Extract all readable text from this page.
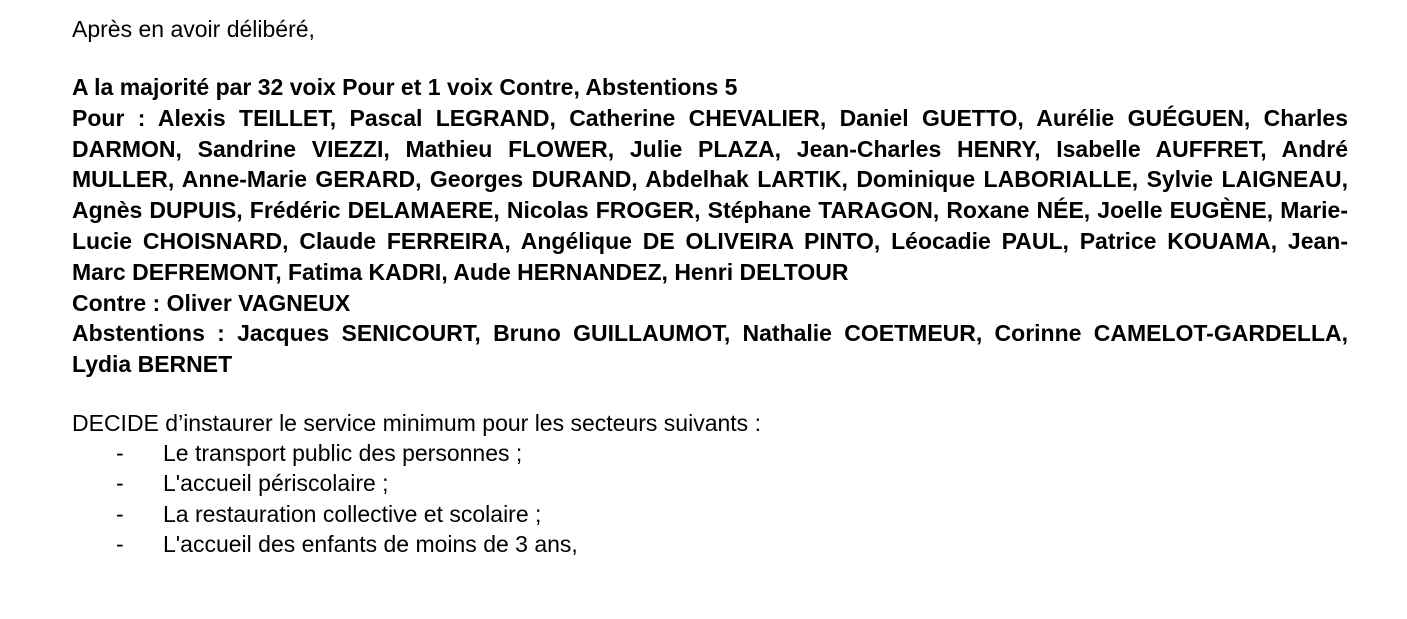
Après en avoir délibéré,

A la majorité par 32 voix Pour et 1 voix Contre, Abstentions 5

Pour : Alexis TEILLET, Pascal LEGRAND, Catherine CHEVALIER, Daniel GUETTO, Aurélie GUÉGUEN, Charles DARMON, Sandrine VIEZZI, Mathieu FLOWER, Julie PLAZA, Jean-Charles HENRY, Isabelle AUFFRET, André MULLER, Anne-Marie GERARD, Georges DURAND, Abdelhak LARTIK, Dominique LABORIALLE, Sylvie LAIGNEAU, Agnès DUPUIS, Frédéric DELAMAERE, Nicolas FROGER, Stéphane TARAGON, Roxane NÉE, Joelle EUGÈNE, Marie-Lucie CHOISNARD, Claude FERREIRA, Angélique DE OLIVEIRA PINTO, Léocadie PAUL, Patrice KOUAMA, Jean-Marc DEFREMONT, Fatima KADRI, Aude HERNANDEZ, Henri DELTOUR

Contre : Oliver VAGNEUX

Abstentions : Jacques SENICOURT, Bruno GUILLAUMOT, Nathalie COETMEUR, Corinne CAMELOT-GARDELLA, Lydia BERNET

DECIDE d’instaurer le service minimum pour les secteurs suivants :

- Le transport public des personnes ;
- L'accueil périscolaire ;
- La restauration collective et scolaire ;
- L'accueil des enfants de moins de 3 ans,
